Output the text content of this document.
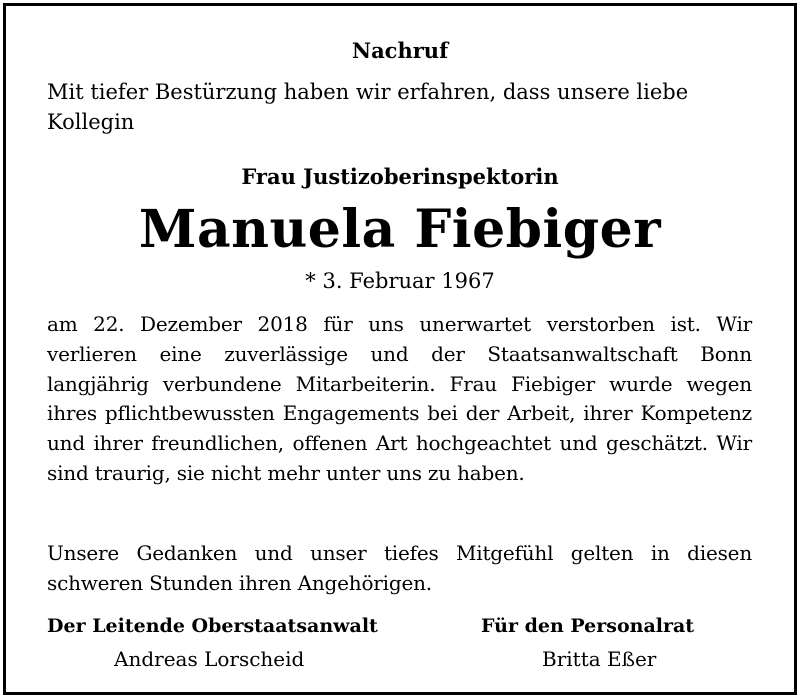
Nachruf
Mit tiefer Bestürzung haben wir erfahren, dass unsere liebe
Kollegin
Frau Justizoberinspektorin
Manuela Fiebiger
* 3. Februar 1967
am 22. Dezember 2018 für uns unerwartet verstorben ist. Wir verlieren eine zuverlässige und der Staatsanwaltschaft Bonn langjährig verbundene Mitarbeiterin. Frau Fiebiger wurde wegen ihres pflichtbewussten Engagements bei der Arbeit, ihrer Kompetenz und ihrer freundlichen, offenen Art hochgeachtet und geschätzt. Wir sind traurig, sie nicht mehr unter uns zu haben.
Unsere Gedanken und unser tiefes Mitgefühl gelten in diesen schweren Stunden ihren Angehörigen.
Der Leitende Oberstaatsanwalt
Andreas Lorscheid
Für den Personalrat
Britta Eßer
